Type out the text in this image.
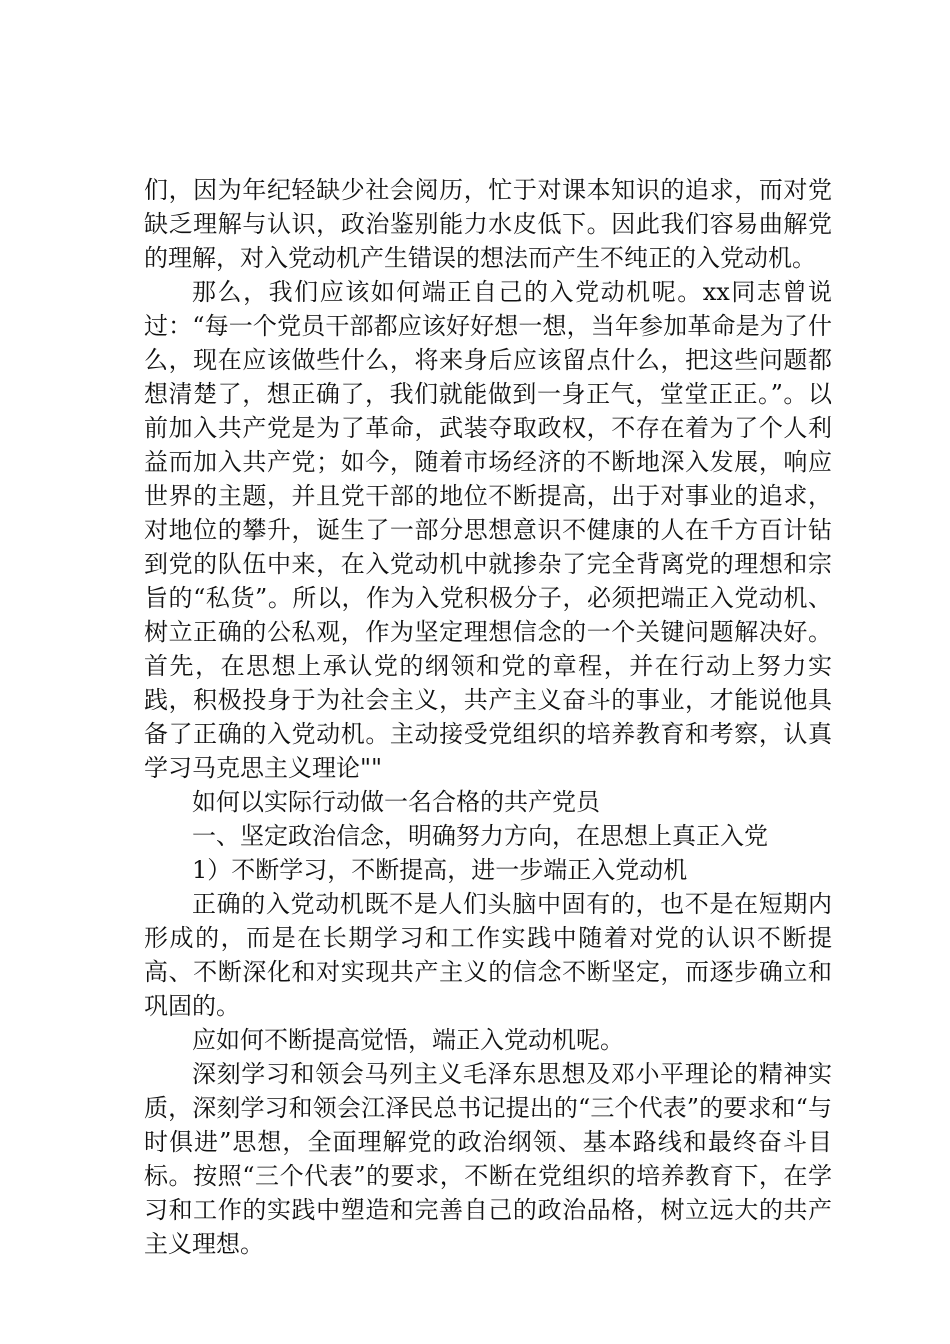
们，因为年纪轻缺少社会阅历，忙于对课本知识的追求，而对党缺乏理解与认识，政治鉴别能力水皮低下。因此我们容易曲解党的理解，对入党动机产生错误的想法而产生不纯正的入党动机。

那么，我们应该如何端正自己的入党动机呢。xx同志曾说过：“每一个党员干部都应该好好想一想，当年参加革命是为了什么，现在应该做些什么，将来身后应该留点什么，把这些问题都想清楚了，想正确了，我们就能做到一身正气，堂堂正正。”。以前加入共产党是为了革命，武装夺取政权，不存在着为了个人利益而加入共产党；如今，随着市场经济的不断地深入发展，响应世界的主题，并且党干部的地位不断提高，出于对事业的追求，对地位的攀升，诞生了一部分思想意识不健康的人在千方百计钻到党的队伍中来，在入党动机中就掺杂了完全背离党的理想和宗旨的“私货”。所以，作为入党积极分子，必须把端正入党动机、树立正确的公私观，作为坚定理想信念的一个关键问题解决好。首先，在思想上承认党的纲领和党的章程，并在行动上努力实践，积极投身于为社会主义，共产主义奋斗的事业，才能说他具备了正确的入党动机。主动接受党组织的培养教育和考察，认真学习马克思主义理论""

如何以实际行动做一名合格的共产党员

一、坚定政治信念，明确努力方向，在思想上真正入党

1）不断学习，不断提高，进一步端正入党动机

正确的入党动机既不是人们头脑中固有的，也不是在短期内形成的，而是在长期学习和工作实践中随着对党的认识不断提高、不断深化和对实现共产主义的信念不断坚定，而逐步确立和巩固的。

应如何不断提高觉悟，端正入党动机呢。

深刻学习和领会马列主义毛泽东思想及邓小平理论的精神实质，深刻学习和领会江泽民总书记提出的“三个代表”的要求和“与时俱进”思想，全面理解党的政治纲领、基本路线和最终奋斗目标。按照“三个代表”的要求，不断在党组织的培养教育下，在学习和工作的实践中塑造和完善自己的政治品格，树立远大的共产主义理想。
